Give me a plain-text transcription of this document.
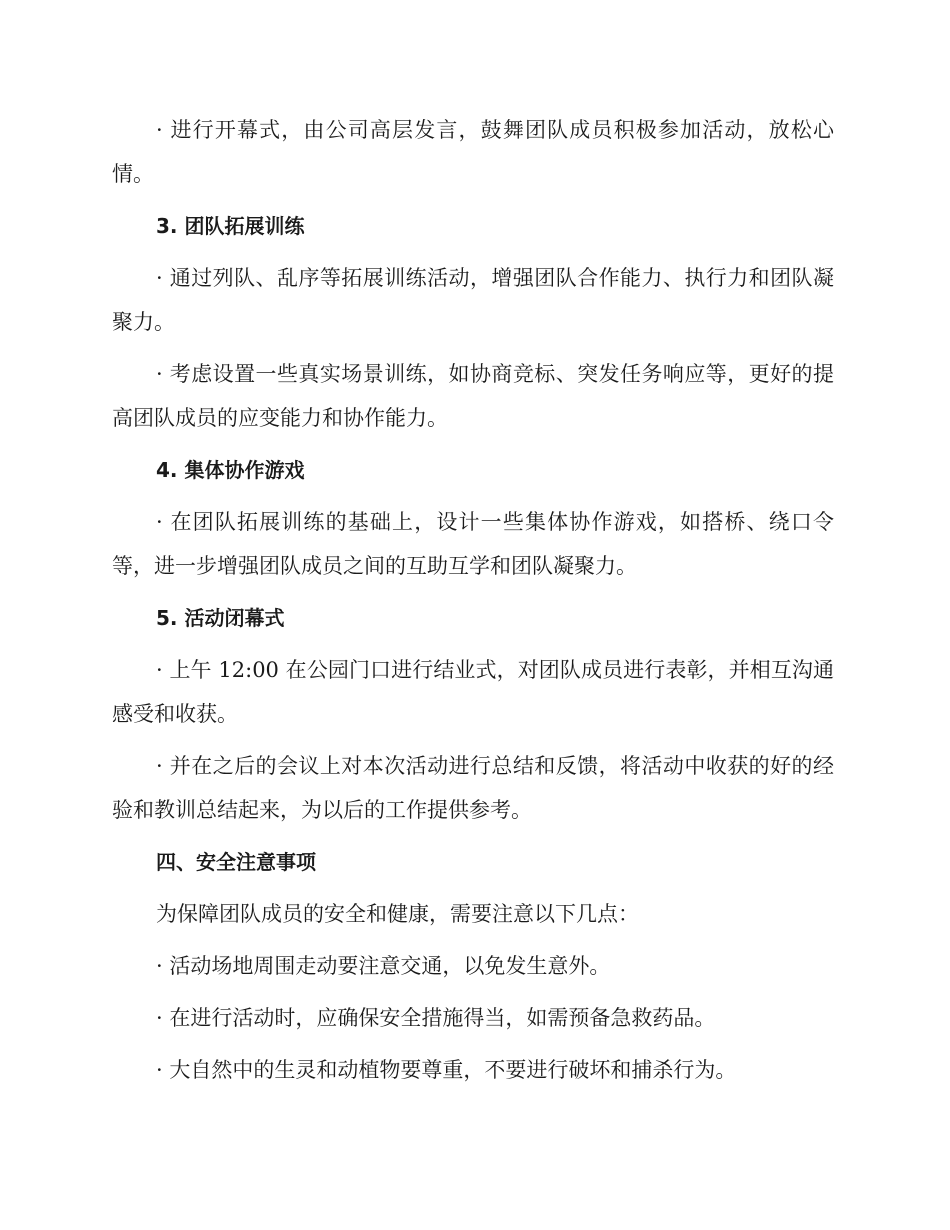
· 进行开幕式，由公司高层发言，鼓舞团队成员积极参加活动，放松心情。

3. 团队拓展训练

· 通过列队、乱序等拓展训练活动，增强团队合作能力、执行力和团队凝聚力。

· 考虑设置一些真实场景训练，如协商竞标、突发任务响应等，更好的提高团队成员的应变能力和协作能力。

4. 集体协作游戏

· 在团队拓展训练的基础上，设计一些集体协作游戏，如搭桥、绕口令等，进一步增强团队成员之间的互助互学和团队凝聚力。

5. 活动闭幕式

· 上午 12:00 在公园门口进行结业式，对团队成员进行表彰，并相互沟通感受和收获。

· 并在之后的会议上对本次活动进行总结和反馈，将活动中收获的好的经验和教训总结起来，为以后的工作提供参考。

四、安全注意事项

为保障团队成员的安全和健康，需要注意以下几点：

· 活动场地周围走动要注意交通，以免发生意外。

· 在进行活动时，应确保安全措施得当，如需预备急救药品。

· 大自然中的生灵和动植物要尊重，不要进行破坏和捕杀行为。
